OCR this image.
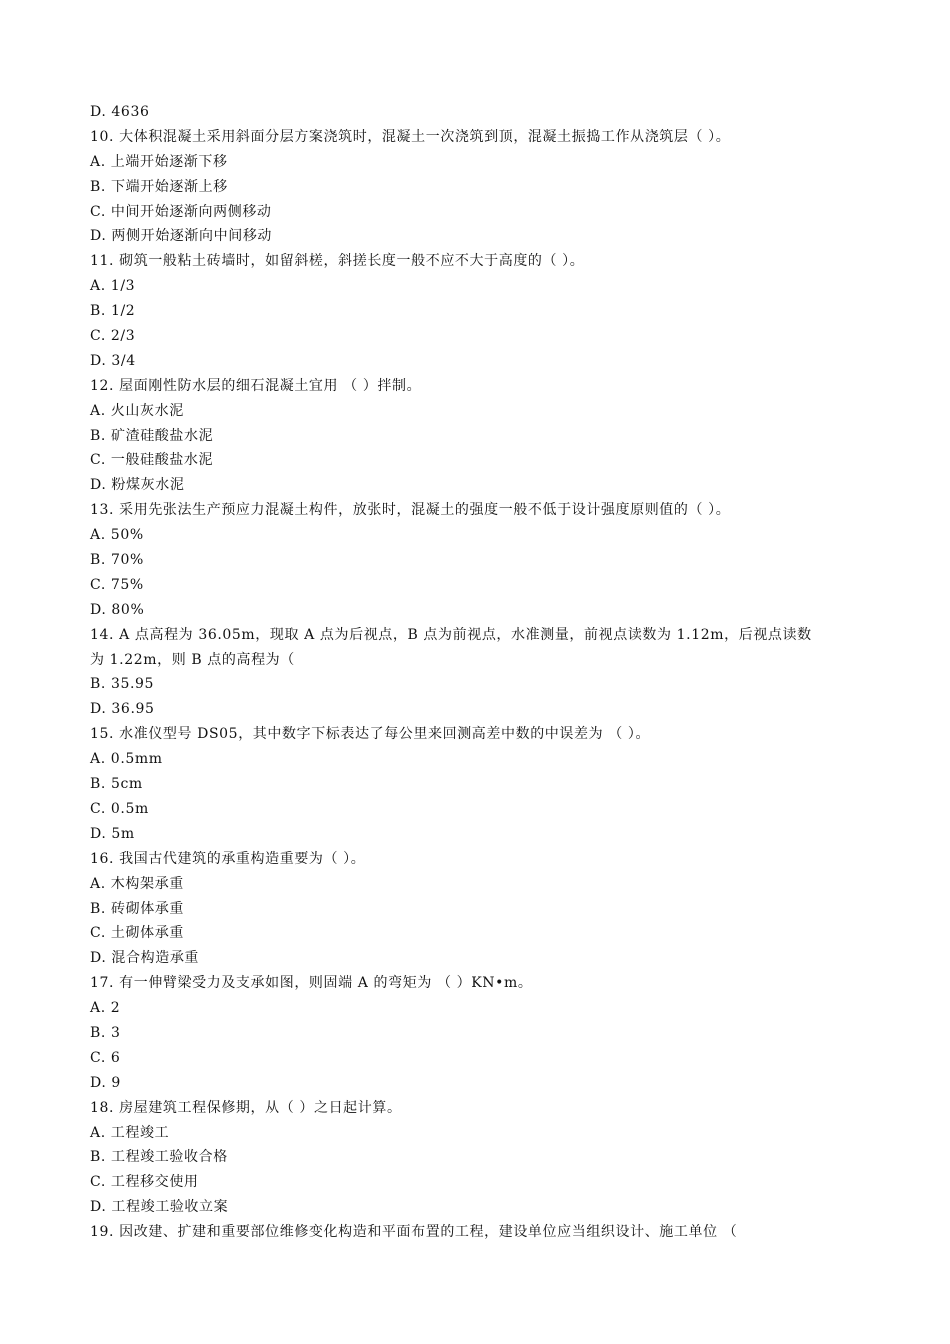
D. 4636
10. 大体积混凝土采用斜面分层方案浇筑时，混凝土一次浇筑到顶，混凝土振捣工作从浇筑层（ ）。
A. 上端开始逐渐下移
B. 下端开始逐渐上移
C. 中间开始逐渐向两侧移动
D. 两侧开始逐渐向中间移动
11. 砌筑一般粘土砖墙时，如留斜槎，斜搓长度一般不应不大于高度的（ ）。
A. 1/3
B. 1/2
C. 2/3
D. 3/4
12. 屋面刚性防水层的细石混凝土宜用 （ ）拌制。
A. 火山灰水泥
B. 矿渣硅酸盐水泥
C. 一般硅酸盐水泥
D. 粉煤灰水泥
13. 采用先张法生产预应力混凝土构件，放张时，混凝土的强度一般不低于设计强度原则值的（ ）。
A. 50%
B. 70%
C. 75%
D. 80%
14. A 点高程为 36.05m，现取 A 点为后视点，B 点为前视点，水准测量，前视点读数为 1.12m，后视点读数
为 1.22m，则 B 点的高程为（
B. 35.95
D. 36.95
15. 水准仪型号 DS05，其中数字下标表达了每公里来回测高差中数的中误差为 （ ）。
A. 0.5mm
B. 5cm
C. 0.5m
D. 5m
16. 我国古代建筑的承重构造重要为（ ）。
A. 木构架承重
B. 砖砌体承重
C. 土砌体承重
D. 混合构造承重
17. 有一伸臂梁受力及支承如图，则固端 A 的弯矩为 （ ）KN•m。
A. 2
B. 3
C. 6
D. 9
18. 房屋建筑工程保修期，从（ ）之日起计算。
A. 工程竣工
B. 工程竣工验收合格
C. 工程移交使用
D. 工程竣工验收立案
19. 因改建、扩建和重要部位维修变化构造和平面布置的工程，建设单位应当组织设计、施工单位 （
